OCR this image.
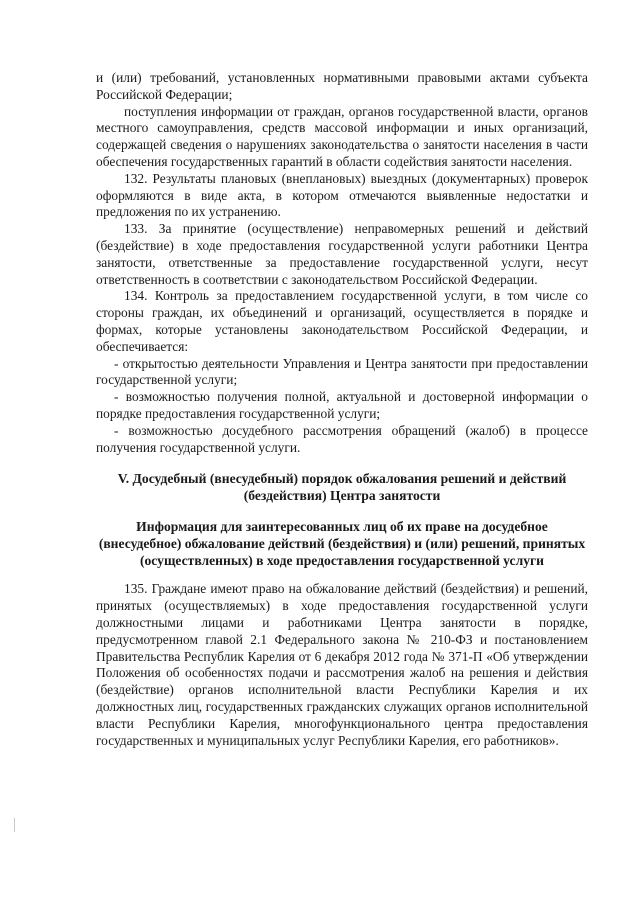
и (или) требований, установленных нормативными правовыми актами субъекта Российской Федерации;

поступления информации от граждан, органов государственной власти, органов местного самоуправления, средств массовой информации и иных организаций, содержащей сведения о нарушениях законодательства о занятости населения в части обеспечения государственных гарантий в области содействия занятости населения.

132. Результаты плановых (внеплановых) выездных (документарных) проверок оформляются в виде акта, в котором отмечаются выявленные недостатки и предложения по их устранению.

133. За принятие (осуществление) неправомерных решений и действий (бездействие) в ходе предоставления государственной услуги работники Центра занятости, ответственные за предоставление государственной услуги, несут ответственность в соответствии с законодательством Российской Федерации.

134. Контроль за предоставлением государственной услуги, в том числе со стороны граждан, их объединений и организаций, осуществляется в порядке и формах, которые установлены законодательством Российской Федерации, и обеспечивается:

- открытостью деятельности Управления и Центра занятости при предоставлении государственной услуги;

- возможностью получения полной, актуальной и достоверной информации о порядке предоставления государственной услуги;

- возможностью досудебного рассмотрения обращений (жалоб) в процессе получения государственной услуги.

V. Досудебный (внесудебный) порядок обжалования решений и действий (бездействия) Центра занятости

Информация для заинтересованных лиц об их праве на досудебное (внесудебное) обжалование действий (бездействия) и (или) решений, принятых (осуществленных) в ходе предоставления государственной услуги

135. Граждане имеют право на обжалование действий (бездействия) и решений, принятых (осуществляемых) в ходе предоставления государственной услуги должностными лицами и работниками Центра занятости в порядке, предусмотренном главой 2.1 Федерального закона № 210-ФЗ и постановлением Правительства Республик Карелия от 6 декабря 2012 года № 371-П «Об утверждении Положения об особенностях подачи и рассмотрения жалоб на решения и действия (бездействие) органов исполнительной власти Республики Карелия и их должностных лиц, государственных гражданских служащих органов исполнительной власти Республики Карелия, многофункционального центра предоставления государственных и муниципальных услуг Республики Карелия, его работников».
